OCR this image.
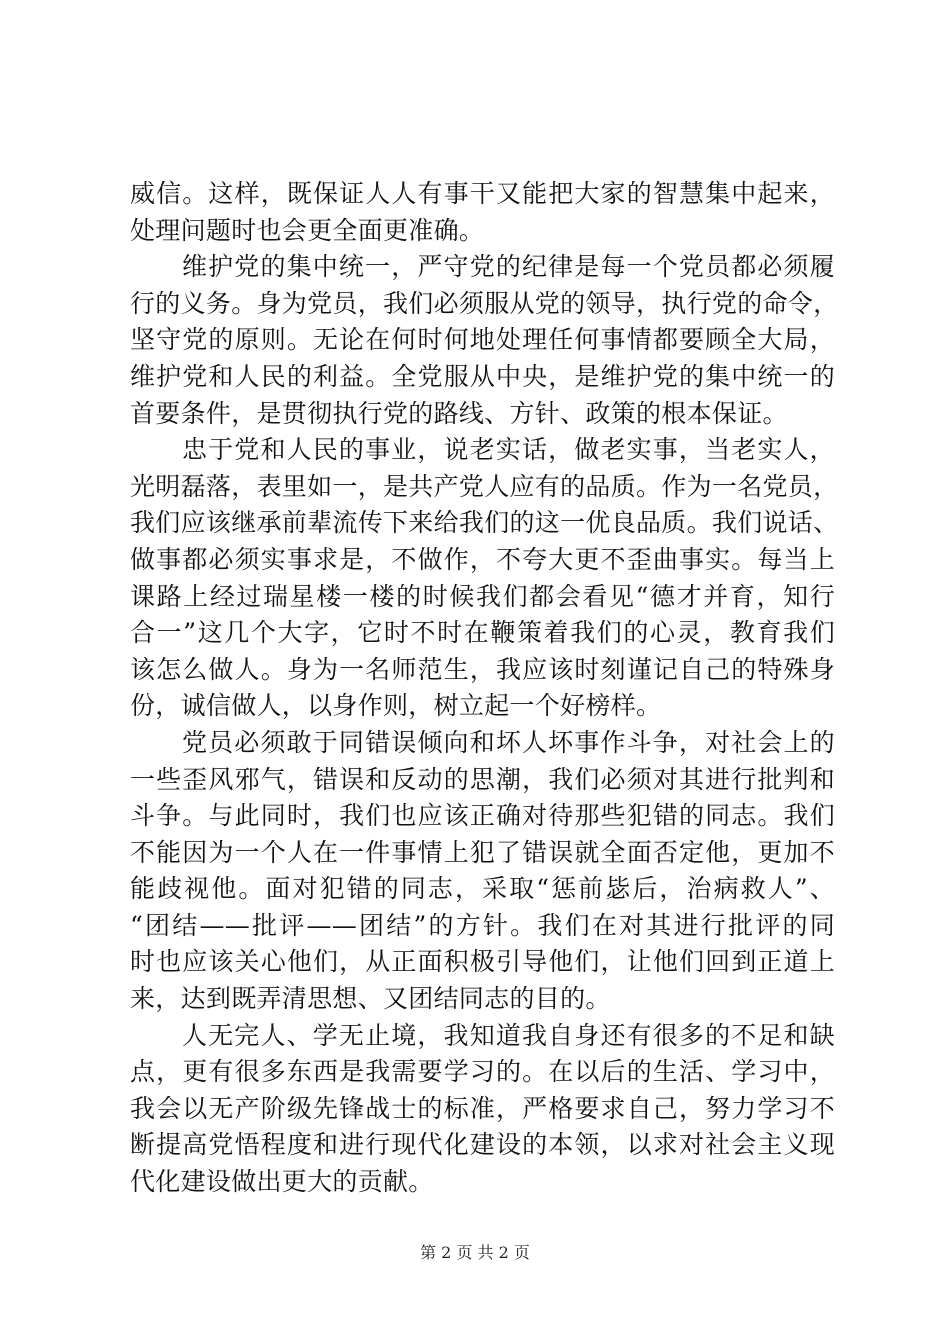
威信。这样，既保证人人有事干又能把大家的智慧集中起来，
处理问题时也会更全面更准确。
维护党的集中统一，严守党的纪律是每一个党员都必须履
行的义务。身为党员，我们必须服从党的领导，执行党的命令，
坚守党的原则。无论在何时何地处理任何事情都要顾全大局，
维护党和人民的利益。全党服从中央，是维护党的集中统一的
首要条件，是贯彻执行党的路线、方针、政策的根本保证。
忠于党和人民的事业，说老实话，做老实事，当老实人，
光明磊落，表里如一，是共产党人应有的品质。作为一名党员，
我们应该继承前辈流传下来给我们的这一优良品质。我们说话、
做事都必须实事求是，不做作，不夸大更不歪曲事实。每当上
课路上经过瑞星楼一楼的时候我们都会看见“德才并育，知行
合一”这几个大字，它时不时在鞭策着我们的心灵，教育我们
该怎么做人。身为一名师范生，我应该时刻谨记自己的特殊身
份，诚信做人，以身作则，树立起一个好榜样。
党员必须敢于同错误倾向和坏人坏事作斗争，对社会上的
一些歪风邪气，错误和反动的思潮，我们必须对其进行批判和
斗争。与此同时，我们也应该正确对待那些犯错的同志。我们
不能因为一个人在一件事情上犯了错误就全面否定他，更加不
能歧视他。面对犯错的同志，采取“惩前毖后，治病救人”、
“团结——批评——团结”的方针。我们在对其进行批评的同
时也应该关心他们，从正面积极引导他们，让他们回到正道上
来，达到既弄清思想、又团结同志的目的。
人无完人、学无止境，我知道我自身还有很多的不足和缺
点，更有很多东西是我需要学习的。在以后的生活、学习中，
我会以无产阶级先锋战士的标准，严格要求自己，努力学习不
断提高党悟程度和进行现代化建设的本领，以求对社会主义现
代化建设做出更大的贡献。
第 2 页 共 2 页
